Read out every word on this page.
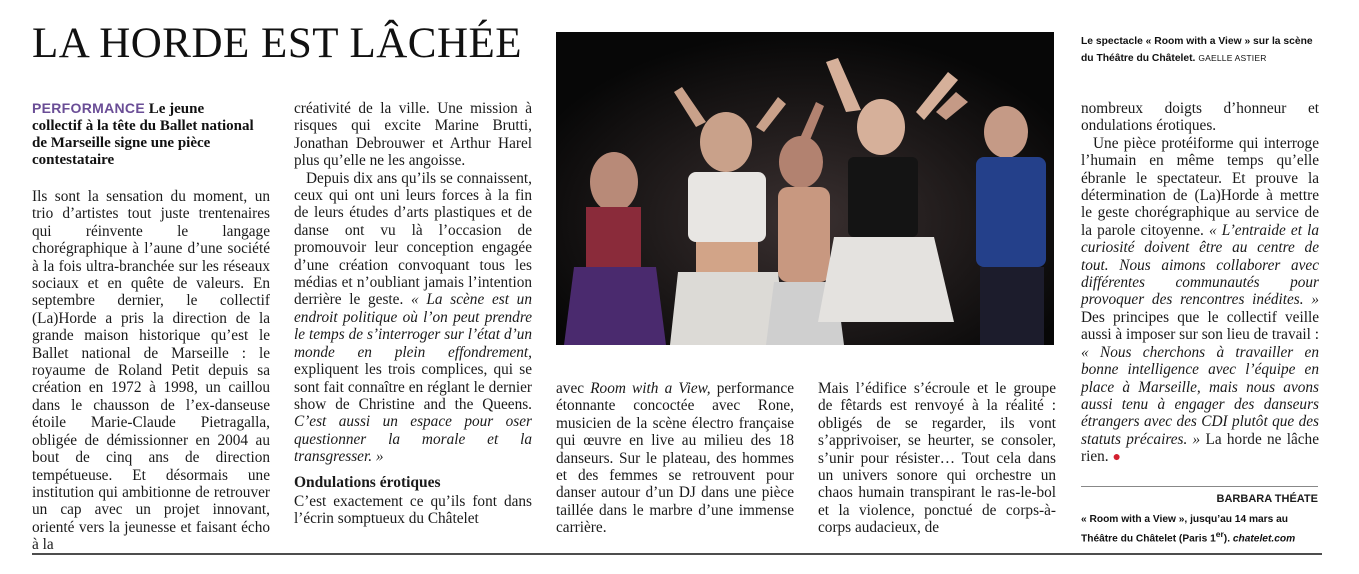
LA HORDE EST LÂCHÉE
PERFORMANCE Le jeune collectif à la tête du Ballet national de Marseille signe une pièce contestataire

Ils sont la sensation du moment, un trio d’artistes tout juste trentenaires qui réinvente le langage chorégraphique à l’aune d’une société à la fois ultra-branchée sur les réseaux sociaux et en quête de valeurs. En septembre dernier, le collectif (La)Horde a pris la direction de la grande maison historique qu’est le Ballet national de Marseille : le royaume de Roland Petit depuis sa création en 1972 à 1998, un caillou dans le chausson de l’ex-danseuse étoile Marie-Claude Pietragalla, obligée de démissionner en 2004 au bout de cinq ans de direction tempétueuse. Et désormais une institution qui ambitionne de retrouver un cap avec un projet innovant, orienté vers la jeunesse et faisant écho à la

créativité de la ville. Une mission à risques qui excite Marine Brutti, Jonathan Debrouwer et Arthur Harel plus qu’elle ne les angoisse.

Depuis dix ans qu’ils se connaissent, ceux qui ont uni leurs forces à la fin de leurs études d’arts plastiques et de danse ont vu là l’occasion de promouvoir leur conception engagée d’une création convoquant tous les médias et n’oubliant jamais l’intention derrière le geste. « La scène est un endroit politique où l’on peut prendre le temps de s’interroger sur l’état d’un monde en plein effondrement, expliquent les trois complices, qui se sont fait connaître en réglant le dernier show de Christine and the Queens. C’est aussi un espace pour oser questionner la morale et la transgresser. »

Ondulations érotiques

C’est exactement ce qu’ils font dans l’écrin somptueux du Châtelet

avec Room with a View, performance étonnante concoctée avec Rone, musicien de la scène électro française qui œuvre en live au milieu des 18 danseurs. Sur le plateau, des hommes et des femmes se retrouvent pour danser autour d’un DJ dans une pièce taillée dans le marbre d’une immense carrière.

Mais l’édifice s’écroule et le groupe de fêtards est renvoyé à la réalité : obligés de se regarder, ils vont s’apprivoiser, se heurter, se consoler, s’unir pour résister… Tout cela dans un univers sonore qui orchestre un chaos humain transpirant le ras-le-bol et la violence, ponctué de corps-à-corps audacieux, de

Le spectacle « Room with a View » sur la scène du Théâtre du Châtelet. GAELLE ASTIER

nombreux doigts d’honneur et ondulations érotiques.

Une pièce protéiforme qui interroge l’humain en même temps qu’elle ébranle le spectateur. Et prouve la détermination de (La)Horde à mettre le geste chorégraphique au service de la parole citoyenne. « L’entraide et la curiosité doivent être au centre de tout. Nous aimons collaborer avec différentes communautés pour provoquer des rencontres inédites. » Des principes que le collectif veille aussi à imposer sur son lieu de travail : « Nous cherchons à travailler en bonne intelligence avec l’équipe en place à Marseille, mais nous avons aussi tenu à engager des danseurs étrangers avec des CDI plutôt que des statuts précaires. » La horde ne lâche rien. ●

BARBARA THÉATE
« Room with a View », jusqu’au 14 mars au Théâtre du Châtelet (Paris 1er). chatelet.com
